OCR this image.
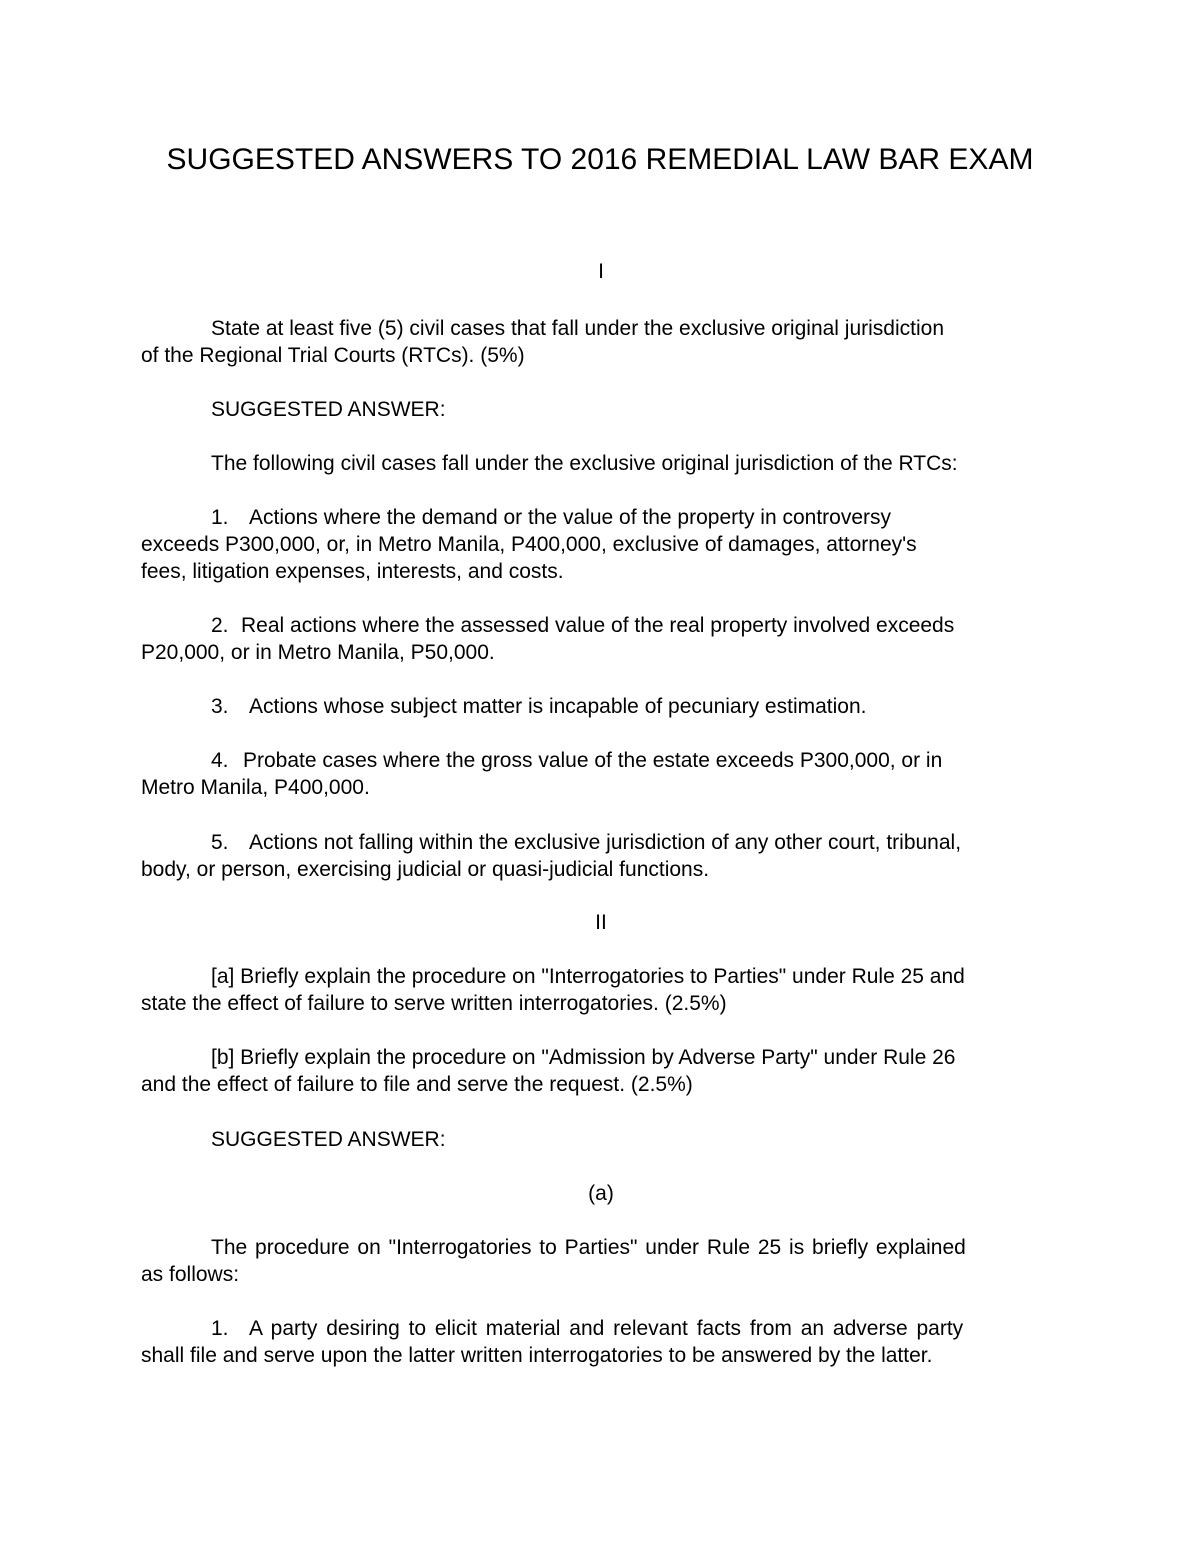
SUGGESTED ANSWERS TO 2016 REMEDIAL LAW BAR EXAM
I
State at least five (5) civil cases that fall under the exclusive original jurisdiction
of the Regional Trial Courts (RTCs). (5%)
SUGGESTED ANSWER:
The following civil cases fall under the exclusive original jurisdiction of the RTCs:
1. Actions where the demand or the value of the property in controversy
exceeds P300,000, or, in Metro Manila, P400,000, exclusive of damages, attorney's
fees, litigation expenses, interests, and costs.
2. Real actions where the assessed value of the real property involved exceeds
P20,000, or in Metro Manila, P50,000.
3. Actions whose subject matter is incapable of pecuniary estimation.
4. Probate cases where the gross value of the estate exceeds P300,000, or in
Metro Manila, P400,000.
5. Actions not falling within the exclusive jurisdiction of any other court, tribunal,
body, or person, exercising judicial or quasi-judicial functions.
II
[a] Briefly explain the procedure on "Interrogatories to Parties" under Rule 25 and
state the effect of failure to serve written interrogatories. (2.5%)
[b] Briefly explain the procedure on "Admission by Adverse Party" under Rule 26
and the effect of failure to file and serve the request. (2.5%)
SUGGESTED ANSWER:
(a)
The procedure on "Interrogatories to Parties" under Rule 25 is briefly explained
as follows:
1. A party desiring to elicit material and relevant facts from an adverse party
shall file and serve upon the latter written interrogatories to be answered by the latter.
